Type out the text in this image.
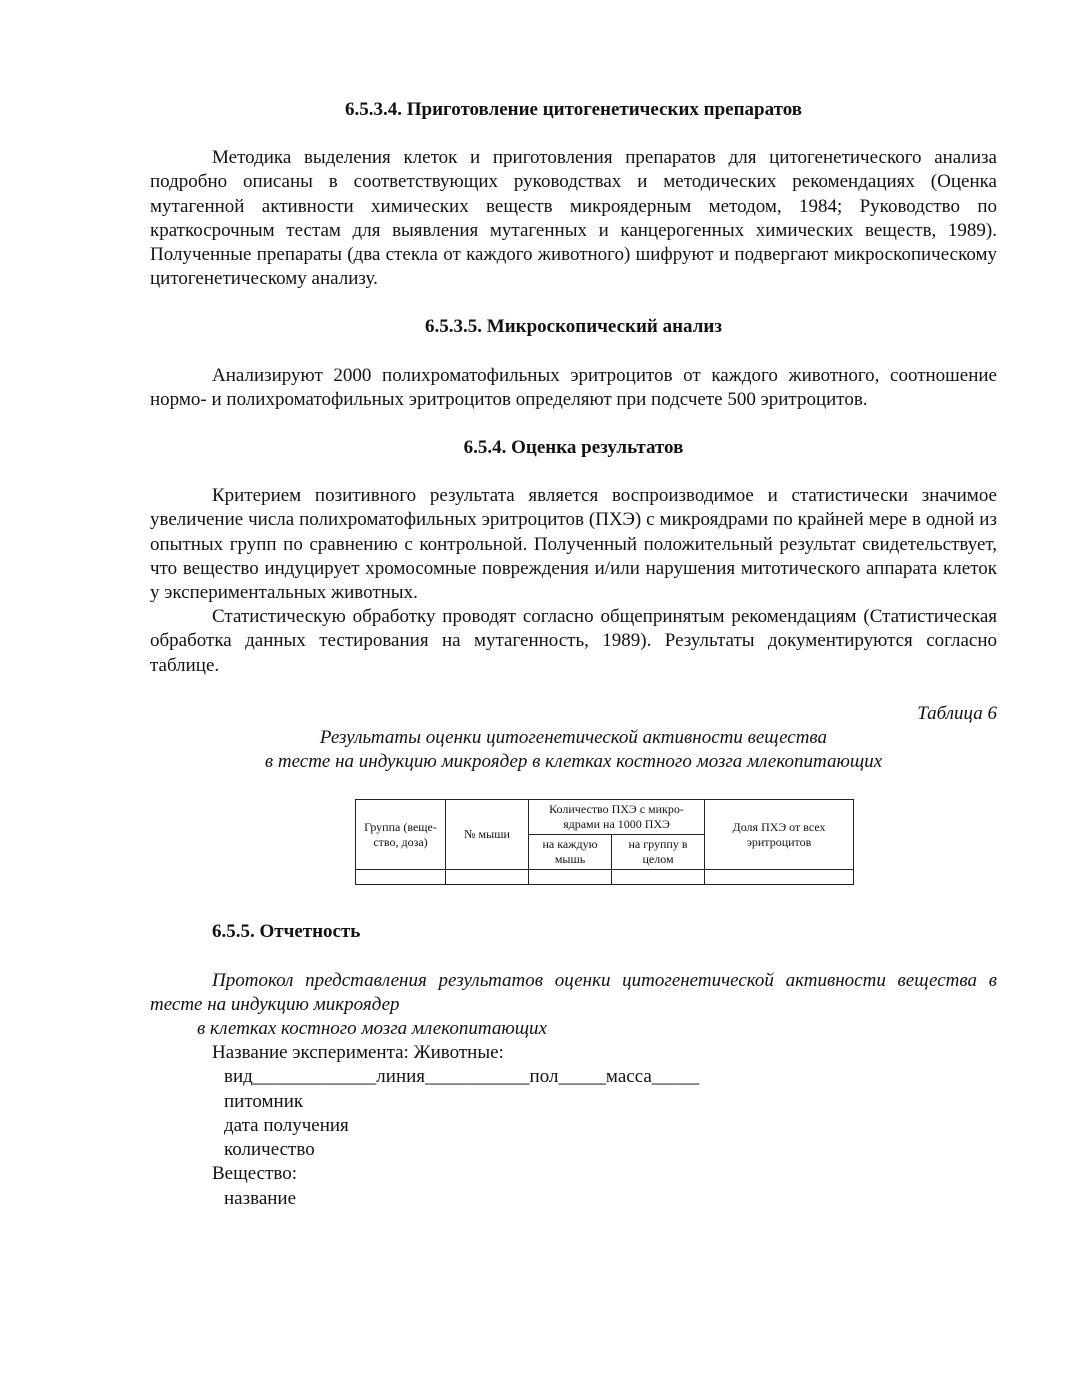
6.5.3.4. Приготовление цитогенетических препаратов

Методика выделения клеток и приготовления препаратов для цитогенетического анализа подробно описаны в соответствующих руководствах и методических рекомендациях (Оценка мутагенной активности химических веществ микроядерным методом, 1984; Руководство по краткосрочным тестам для выявления мутагенных и канцерогенных химических веществ, 1989). Полученные препараты (два стекла от каждого животного) шифруют и подвергают микроскопическому цитогенетическому анализу.

6.5.3.5. Микроскопический анализ

Анализируют 2000 полихроматофильных эритроцитов от каждого животного, соотношение нормо- и полихроматофильных эритроцитов определяют при подсчете 500 эритроцитов.

6.5.4. Оценка результатов

Критерием позитивного результата является воспроизводимое и статистически значимое увеличение числа полихроматофильных эритроцитов (ПХЭ) с микроядрами по крайней мере в одной из опытных групп по сравнению с контрольной. Полученный положительный результат свидетельствует, что вещество индуцирует хромосомные повреждения и/или нарушения митотического аппарата клеток у экспериментальных животных.

Статистическую обработку проводят согласно общепринятым рекомендациям (Статистическая обработка данных тестирования на мутагенность, 1989). Результаты документируются согласно таблице.

Таблица 6

Результаты оценки цитогенетической активности вещества

в тесте на индукцию микроядер в клетках костного мозга млекопитающих

Группа (веще-ство, доза)	№ мыши	Количество ПХЭ с микро-ядрами на 1000 ПХЭ		Доля ПХЭ от всех эритроцитов
		на каждую мышь	на группу в целом	

6.5.5. Отчетность

Протокол представления результатов оценки цитогенетической активности вещества в тесте на индукцию микроядер

в клетках костного мозга млекопитающих

Название эксперимента: Животные:

вид_____________линия___________пол_____масса_____

питомник

дата получения

количество

Вещество:

название
